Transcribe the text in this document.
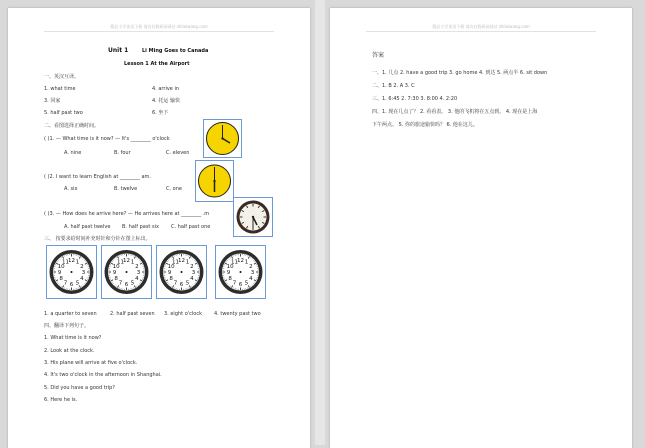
精品小学英语下载 请访问数研园网站 zhileiwang.com
Unit 1	Li Ming Goes to Canada
Lesson 1 At the Airport
一、英汉互译。
1. what time	4. arrive in
3. 回家	4. 托运 输快
5. half past two	6. 坐下
二、看图选择正确时间。
( )1. — What time is it now? — It's ________ o'clock
A. nine	B. four	C. eleven
( )2. I want to learn English at ________ am.
A. six	B. twelve	C. one
( )3. — How does he arrive here? — He arrives here at ________ .m
A. half past twelve B. half past six C. half past one
三、 按要求给时间补充时针和分针在图上标出。
1
2
3
4
5
6
7
8
9
10
11 12	1
2
3
4
5
6
7
8
9
10
11 12	1
2
3
4
5
6
7
8
9
10
11 12	1
2
3
4
5
6
7
8
9
10
11 12
1. a quarter to seven	2. half past seven 3. eight o'clock 4. twenty past two
四、翻译下列句子。
1. What time is it now?
2. Look at the clock.
3. His plane will arrive at five o'clock.
4. It's two o'clock in the afternoon in Shanghai.
5. Did you have a good trip?
6. Here he is.
精品小学英语下载 请访问数研园网站 zhileiwang.com
答案
一、1. 几点 2. have a good trip 3. go home 4. 到达 5. 两点半 6. sit down
二、1. B 2. A 3. C
三、1. 6:45 2. 7:30 3. 8:00 4. 2:20
四、1. 现在几点了？ 2. 看看表。 3. 他的飞机将在五点到。 4. 现在是上海
下午两点。 5. 你的旅途愉快吗？ 6. 他在这儿。
